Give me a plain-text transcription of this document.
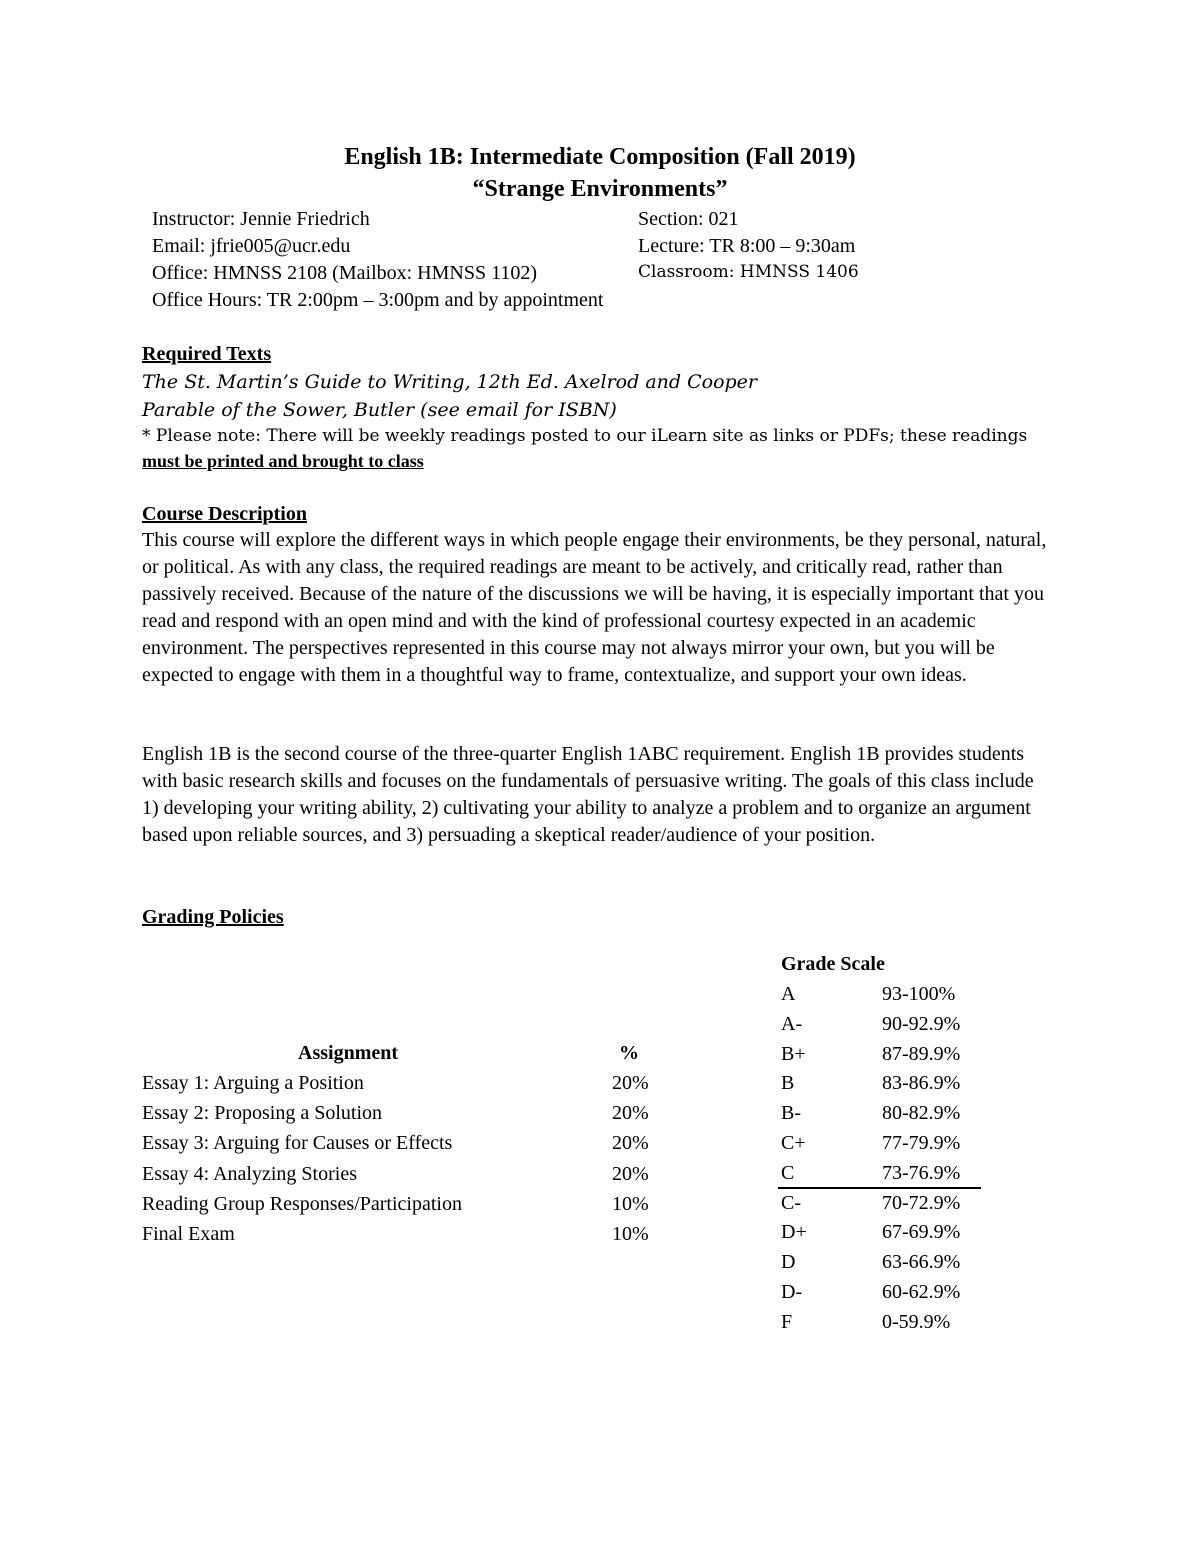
English 1B: Intermediate Composition (Fall 2019)
“Strange Environments”
Instructor: Jennie Friedrich
Email: jfrie005@ucr.edu
Office: HMNSS 2108 (Mailbox: HMNSS 1102)
Office Hours: TR 2:00pm – 3:00pm and by appointment
Section: 021
Lecture: TR 8:00 – 9:30am
Classroom: HMNSS 1406
Required Texts
The St. Martin’s Guide to Writing, 12th Ed. Axelrod and Cooper
Parable of the Sower, Butler (see email for ISBN)
* Please note: There will be weekly readings posted to our iLearn site as links or PDFs; these readings
must be printed and brought to class
Course Description

This course will explore the different ways in which people engage their environments, be they personal, natural, or political. As with any class, the required readings are meant to be actively, and critically read, rather than passively received. Because of the nature of the discussions we will be having, it is especially important that you read and respond with an open mind and with the kind of professional courtesy expected in an academic environment. The perspectives represented in this course may not always mirror your own, but you will be expected to engage with them in a thoughtful way to frame, contextualize, and support your own ideas.

English 1B is the second course of the three-quarter English 1ABC requirement. English 1B provides students with basic research skills and focuses on the fundamentals of persuasive writing. The goals of this class include 1) developing your writing ability, 2) cultivating your ability to analyze a problem and to organize an argument based upon reliable sources, and 3) persuading a skeptical reader/audience of your position.

Grading Policies
Assignment	%
Essay 1: Arguing a Position	20%
Essay 2: Proposing a Solution	20%
Essay 3: Arguing for Causes or Effects	20%
Essay 4: Analyzing Stories	20%
Reading Group Responses/Participation	10%
Final Exam	10%
Grade Scale
A	93-100%
A-	90-92.9%
B+	87-89.9%
B	83-86.9%
B-	80-82.9%
C+	77-79.9%
C	73-76.9%
C-	70-72.9%
D+	67-69.9%
D	63-66.9%
D-	60-62.9%
F	0-59.9%
